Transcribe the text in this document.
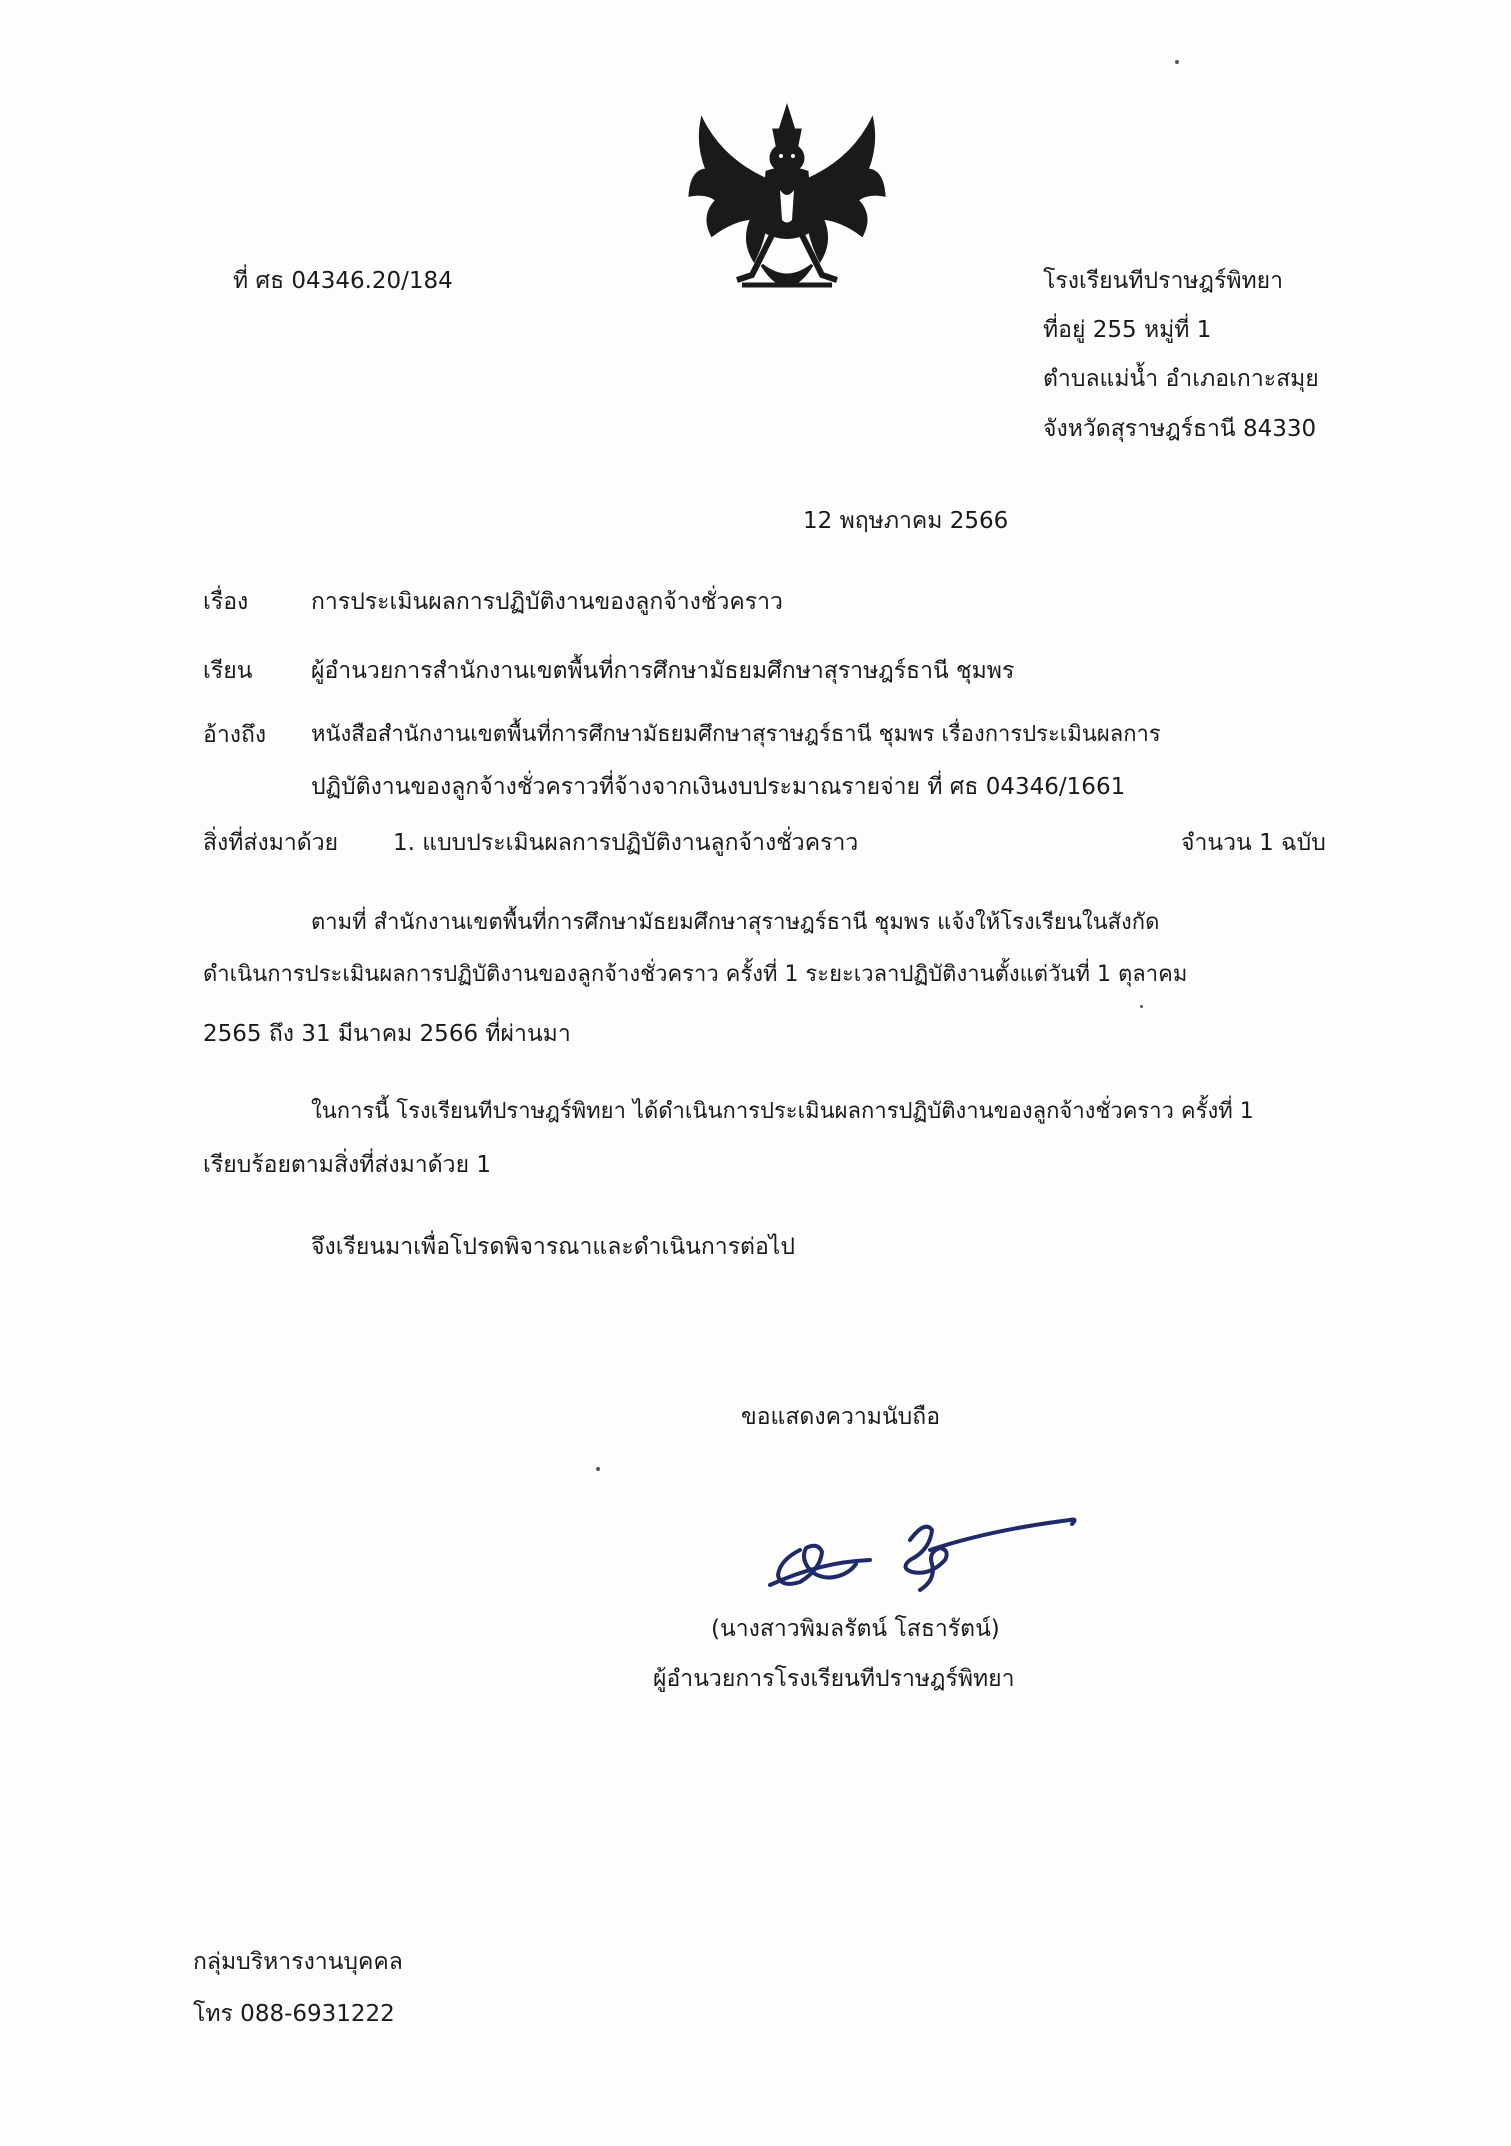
ที่ ศธ 04346.20/184	โรงเรียนทีปราษฎร์พิทยา
ที่อยู่ 255 หมู่ที่ 1
ตำบลแม่น้ำ อำเภอเกาะสมุย
จังหวัดสุราษฎร์ธานี 84330
12 พฤษภาคม 2566
เรื่อง	การประเมินผลการปฏิบัติงานของลูกจ้างชั่วคราว
เรียน	ผู้อำนวยการสำนักงานเขตพื้นที่การศึกษามัธยมศึกษาสุราษฎร์ธานี ชุมพร
อ้างถึง หนังสือสำนักงานเขตพื้นที่การศึกษามัธยมศึกษาสุราษฎร์ธานี ชุมพร เรื่องการประเมินผลการ
ปฏิบัติงานของลูกจ้างชั่วคราวที่จ้างจากเงินงบประมาณรายจ่าย ที่ ศธ 04346/1661
สิ่งที่ส่งมาด้วย 1. แบบประเมินผลการปฏิบัติงานลูกจ้างชั่วคราว	จำนวน 1 ฉบับ
ตามที่ สำนักงานเขตพื้นที่การศึกษามัธยมศึกษาสุราษฎร์ธานี ชุมพร แจ้งให้โรงเรียนในสังกัด
ดำเนินการประเมินผลการปฏิบัติงานของลูกจ้างชั่วคราว ครั้งที่ 1 ระยะเวลาปฏิบัติงานตั้งแต่วันที่ 1 ตุลาคม
2565 ถึง 31 มีนาคม 2566 ที่ผ่านมา
ในการนี้ โรงเรียนทีปราษฎร์พิทยา ได้ดำเนินการประเมินผลการปฏิบัติงานของลูกจ้างชั่วคราว ครั้งที่ 1
เรียบร้อยตามสิ่งที่ส่งมาด้วย 1
จึงเรียนมาเพื่อโปรดพิจารณาและดำเนินการต่อไป
ขอแสดงความนับถือ
(นางสาวพิมลรัตน์ โสธารัตน์)
ผู้อำนวยการโรงเรียนทีปราษฎร์พิทยา
กลุ่มบริหารงานบุคคล
โทร 088-6931222
